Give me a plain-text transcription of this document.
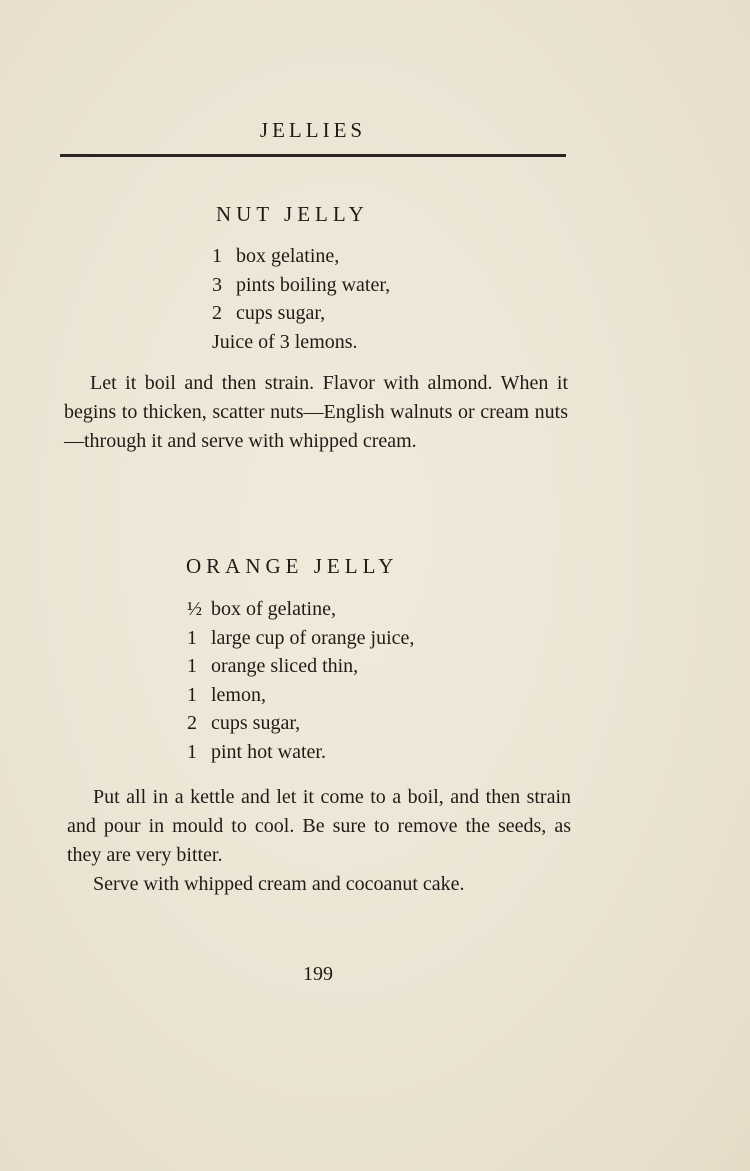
JELLIES
NUT JELLY
1 box gelatine,
3 pints boiling water,
2 cups sugar,
Juice of 3 lemons.

Let it boil and then strain. Flavor with almond. When it begins to thicken, scatter nuts—English walnuts or cream nuts—through it and serve with whipped cream.

ORANGE JELLY
½ box of gelatine,
1 large cup of orange juice,
1 orange sliced thin,
1 lemon,
2 cups sugar,
1 pint hot water.

Put all in a kettle and let it come to a boil, and then strain and pour in mould to cool. Be sure to remove the seeds, as they are very bitter.

Serve with whipped cream and cocoanut cake.

199
